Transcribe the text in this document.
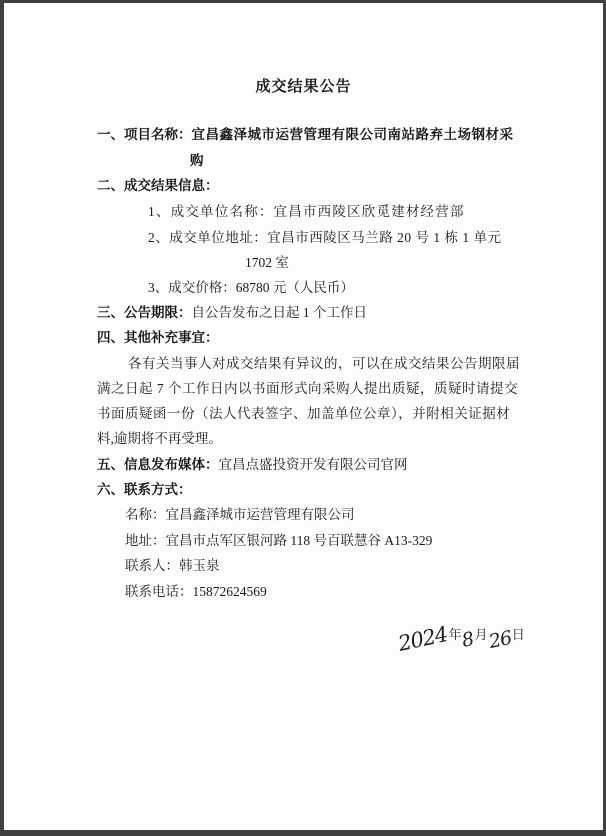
成交结果公告
一、项目名称：宜昌鑫泽城市运营管理有限公司南站路弃土场钢材采
购
二、成交结果信息：
1、成交单位名称：宜昌市西陵区欣觅建材经营部
2、成交单位地址：宜昌市西陵区马兰路 20 号 1 栋 1 单元
1702 室
3、成交价格：68780 元（人民币）
三、公告期限：自公告发布之日起 1 个工作日
四、其他补充事宜：
各有关当事人对成交结果有异议的，可以在成交结果公告期限届
满之日起 7 个工作日内以书面形式向采购人提出质疑，质疑时请提交
书面质疑函一份（法人代表签字、加盖单位公章），并附相关证据材
料,逾期将不再受理。
五、信息发布媒体：宜昌点盛投资开发有限公司官网
六、联系方式：
名称：宜昌鑫泽城市运营管理有限公司
地址：宜昌市点军区银河路 118 号百联慧谷 A13-329
联系人：韩玉泉
联系电话：15872624569
2024年8月26日
